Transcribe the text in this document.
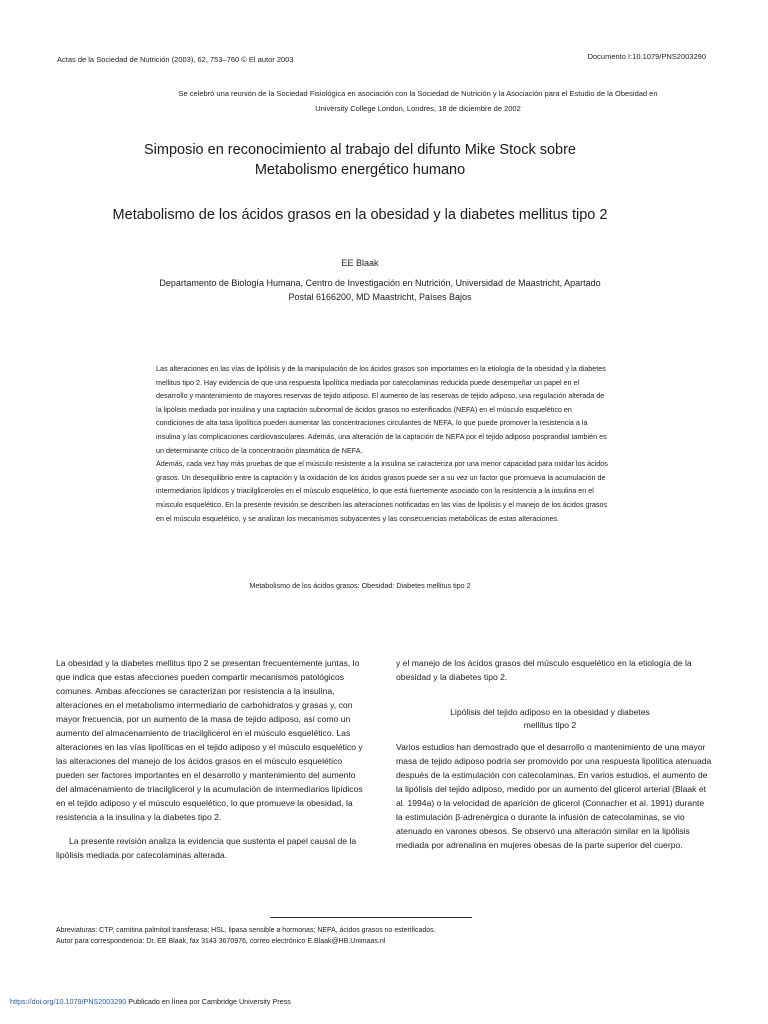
Actas de la Sociedad de Nutrición (2003), 62, 753–760 © El autor 2003	Documento I:10.1079/PNS2003290
Se celebró una reunión de la Sociedad Fisiológica en asociación con la Sociedad de Nutrición y la Asociación para el Estudio de la Obesidad en
University College London, Londres, 18 de diciembre de 2002
Simposio en reconocimiento al trabajo del difunto Mike Stock sobre
Metabolismo energético humano
Metabolismo de los ácidos grasos en la obesidad y la diabetes mellitus tipo 2
EE Blaak
Departamento de Biología Humana, Centro de Investigación en Nutrición, Universidad de Maastricht, Apartado
Postal 6166200, MD Maastricht, Países Bajos

Las alteraciones en las vías de lipólisis y de la manipulación de los ácidos grasos son importantes en la etiología de la obesidad y la diabetes mellitus tipo 2. Hay evidencia de que una respuesta lipolítica mediada por catecolaminas reducida puede desempeñar un papel en el desarrollo y mantenimiento de mayores reservas de tejido adiposo. El aumento de las reservas de tejido adiposo, una regulación alterada de la lipólisis mediada por insulina y una captación subnormal de ácidos grasos no esterificados (NEFA) en el músculo esquelético en condiciones de alta tasa lipolítica pueden aumentar las concentraciones circulantes de NEFA, lo que puede promover la resistencia a la insulina y las complicaciones cardiovasculares. Además, una alteración de la captación de NEFA por el tejido adiposo posprandial también es un determinante crítico de la concentración plasmática de NEFA.

Además, cada vez hay más pruebas de que el músculo resistente a la insulina se caracteriza por una menor capacidad para oxidar los ácidos grasos. Un desequilibrio entre la captación y la oxidación de los ácidos grasos puede ser a su vez un factor que promueva la acumulación de intermediarios lipídicos y triacilgliceroles en el músculo esquelético, lo que está fuertemente asociado con la resistencia a la insulina en el músculo esquelético. En la presente revisión se describen las alteraciones notificadas en las vías de lipólisis y el manejo de los ácidos grasos en el músculo esquelético, y se analizan los mecanismos subyacentes y las consecuencias metabólicas de estas alteraciones.

Metabolismo de los ácidos grasos: Obesidad: Diabetes mellitus tipo 2

La obesidad y la diabetes mellitus tipo 2 se presentan frecuentemente juntas, lo que indica que estas afecciones pueden compartir mecanismos patológicos comunes. Ambas afecciones se caracterizan por resistencia a la insulina, alteraciones en el metabolismo intermediario de carbohidratos y grasas y, con mayor frecuencia, por un aumento de la masa de tejido adiposo, así como un aumento del almacenamiento de triacilglicerol en el músculo esquelético. Las alteraciones en las vías lipolíticas en el tejido adiposo y el músculo esquelético y las alteraciones del manejo de los ácidos grasos en el músculo esquelético pueden ser factores importantes en el desarrollo y mantenimiento del aumento del almacenamiento de triacilglicerol y la acumulación de intermediarios lipídicos en el tejido adiposo y el músculo esquelético, lo que promueve la obesidad, la resistencia a la insulina y la diabetes tipo 2.

La presente revisión analiza la evidencia que sustenta el papel causal de la lipólisis mediada por catecolaminas alterada.

y el manejo de los ácidos grasos del músculo esquelético en la etiología de la obesidad y la diabetes tipo 2.

Lipólisis del tejido adiposo en la obesidad y diabetes
mellitus tipo 2

Varios estudios han demostrado que el desarrollo o mantenimiento de una mayor masa de tejido adiposo podría ser promovido por una respuesta lipolítica atenuada después de la estimulación con catecolaminas. En varios estudios, el aumento de la lipólisis del tejido adiposo, medido por un aumento del glicerol arterial (Blaak et al. 1994a) o la velocidad de aparición de glicerol (Connacher et al. 1991) durante la estimulación β-adrenérgica o durante la infusión de catecolaminas, se vio atenuado en varones obesos. Se observó una alteración similar en la lipólisis mediada por adrenalina en mujeres obesas de la parte superior del cuerpo.

Abreviaturas: CTP, carnitina palmitoil transferasa; HSL, lipasa sensible a hormonas; NEFA, ácidos grasos no esterificados.

Autor para correspondencia: Dr. EE Blaak, fax 3143 3670976, correo electrónico E.Blaak@HB.Unimaas.nl

https://doi.org/10.1079/PNS2003290 Publicado en línea por Cambridge University Press
